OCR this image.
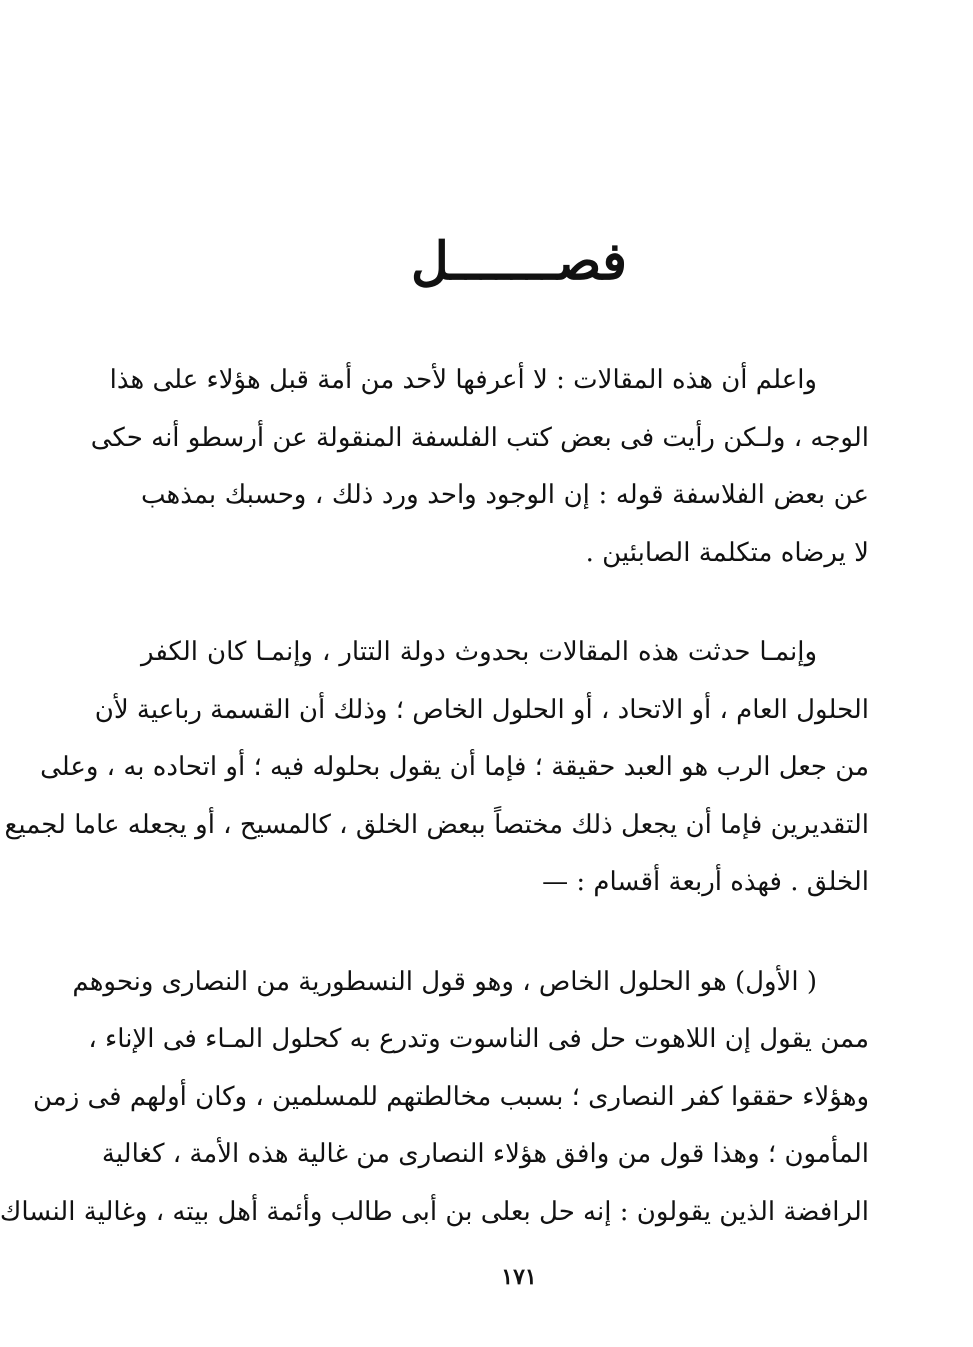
فصـــــــل
واعلم أن هذه المقالات : لا أعرفها لأحد من أمة قبل هؤلاء على هذا
الوجه ، ولـكن رأيت فى بعض كتب الفلسفة المنقولة عن أرسطو أنه حكى
عن بعض الفلاسفة قوله : إن الوجود واحد ورد ذلك ، وحسبك بمذهب
لا يرضاه متكلمة الصابئين .
وإنمـا حدثت هذه المقالات بحدوث دولة التتار ، وإنمـا كان الكفر
الحلول العام ، أو الاتحاد ، أو الحلول الخاص ؛ وذلك أن القسمة رباعية لأن
من جعل الرب هو العبد حقيقة ؛ فإما أن يقول بحلوله فيه ؛ أو اتحاده به ، وعلى
التقديرين فإما أن يجعل ذلك مختصاً ببعض الخلق ، كالمسيح ، أو يجعله عاما لجميع
الخلق . فهذه أربعة أقسام : —
( الأول) هو الحلول الخاص ، وهو قول النسطورية من النصارى ونحوهم
ممن يقول إن اللاهوت حل فى الناسوت وتدرع به كحلول المـاء فى الإناء ،
وهؤلاء حققوا كفر النصارى ؛ بسبب مخالطتهم للمسلمين ، وكان أولهم فى زمن
المأمون ؛ وهذا قول من وافق هؤلاء النصارى من غالية هذه الأمة ، كغالية
الرافضة الذين يقولون : إنه حل بعلى بن أبى طالب وأئمة أهل بيته ، وغالية النساك
١٧١
